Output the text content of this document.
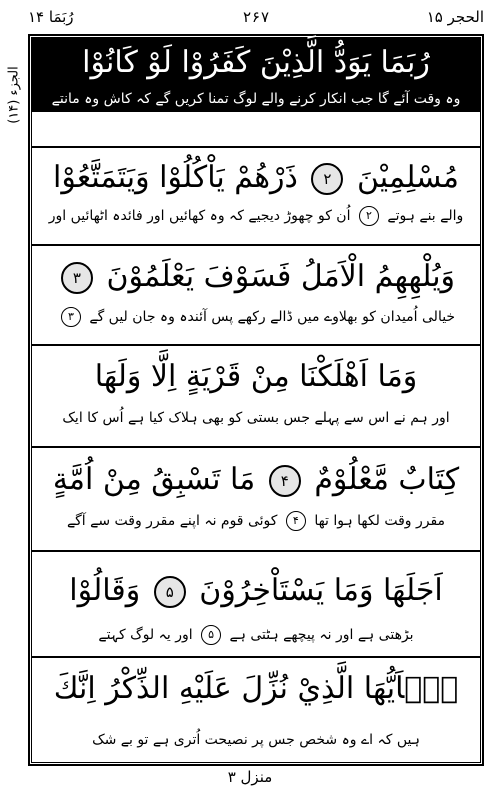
الحجر ۱۵
۲۶۷
رُبَمَا ۱۴
الجزء (۱۴)
رُبَمَا يَوَدُّ الَّذِيْنَ كَفَرُوْا لَوْ كَانُوْا
وہ وقت آئے گا جب انکار کرنے والے لوگ تمنا کریں گے کہ کاش وہ مانتے
مُسْلِمِيْنَ ۲ ذَرْهُمْ يَاْكُلُوْا وَيَتَمَتَّعُوْا
والے بنے ہوتے ۲ اُن کو چھوڑ دیجیے کہ وہ کھائیں اور فائدہ اٹھائیں اور
وَيُلْهِهِمُ الْاَمَلُ فَسَوْفَ يَعْلَمُوْنَ ۳
خیالی اُمیدان کو بھلاوے میں ڈالے رکھے پس آئندہ وہ جان لیں گے ۳
وَمَا اَهْلَكْنَا مِنْ قَرْيَةٍ اِلَّا وَلَهَا
اور ہم نے اس سے پہلے جس بستی کو بھی ہلاک کیا ہے اُس کا ایک
كِتَابٌ مَّعْلُوْمٌ ۴ مَا تَسْبِقُ مِنْ اُمَّةٍ
مقرر وقت لکھا ہوا تھا ۴ کوئی قوم نہ اپنے مقرر وقت سے آگے
اَجَلَهَا وَمَا يَسْتَاْخِرُوْنَ ۵ وَقَالُوْا
بڑھتی ہے اور نہ پیچھے ہٹتی ہے ۵ اور یہ لوگ کہتے
يٰۤاَيُّهَا الَّذِيْ نُزِّلَ عَلَيْهِ الذِّكْرُ اِنَّكَ
ہیں کہ اے وہ شخص جس پر نصیحت اُتری ہے تو بے شک
منزل ۳
